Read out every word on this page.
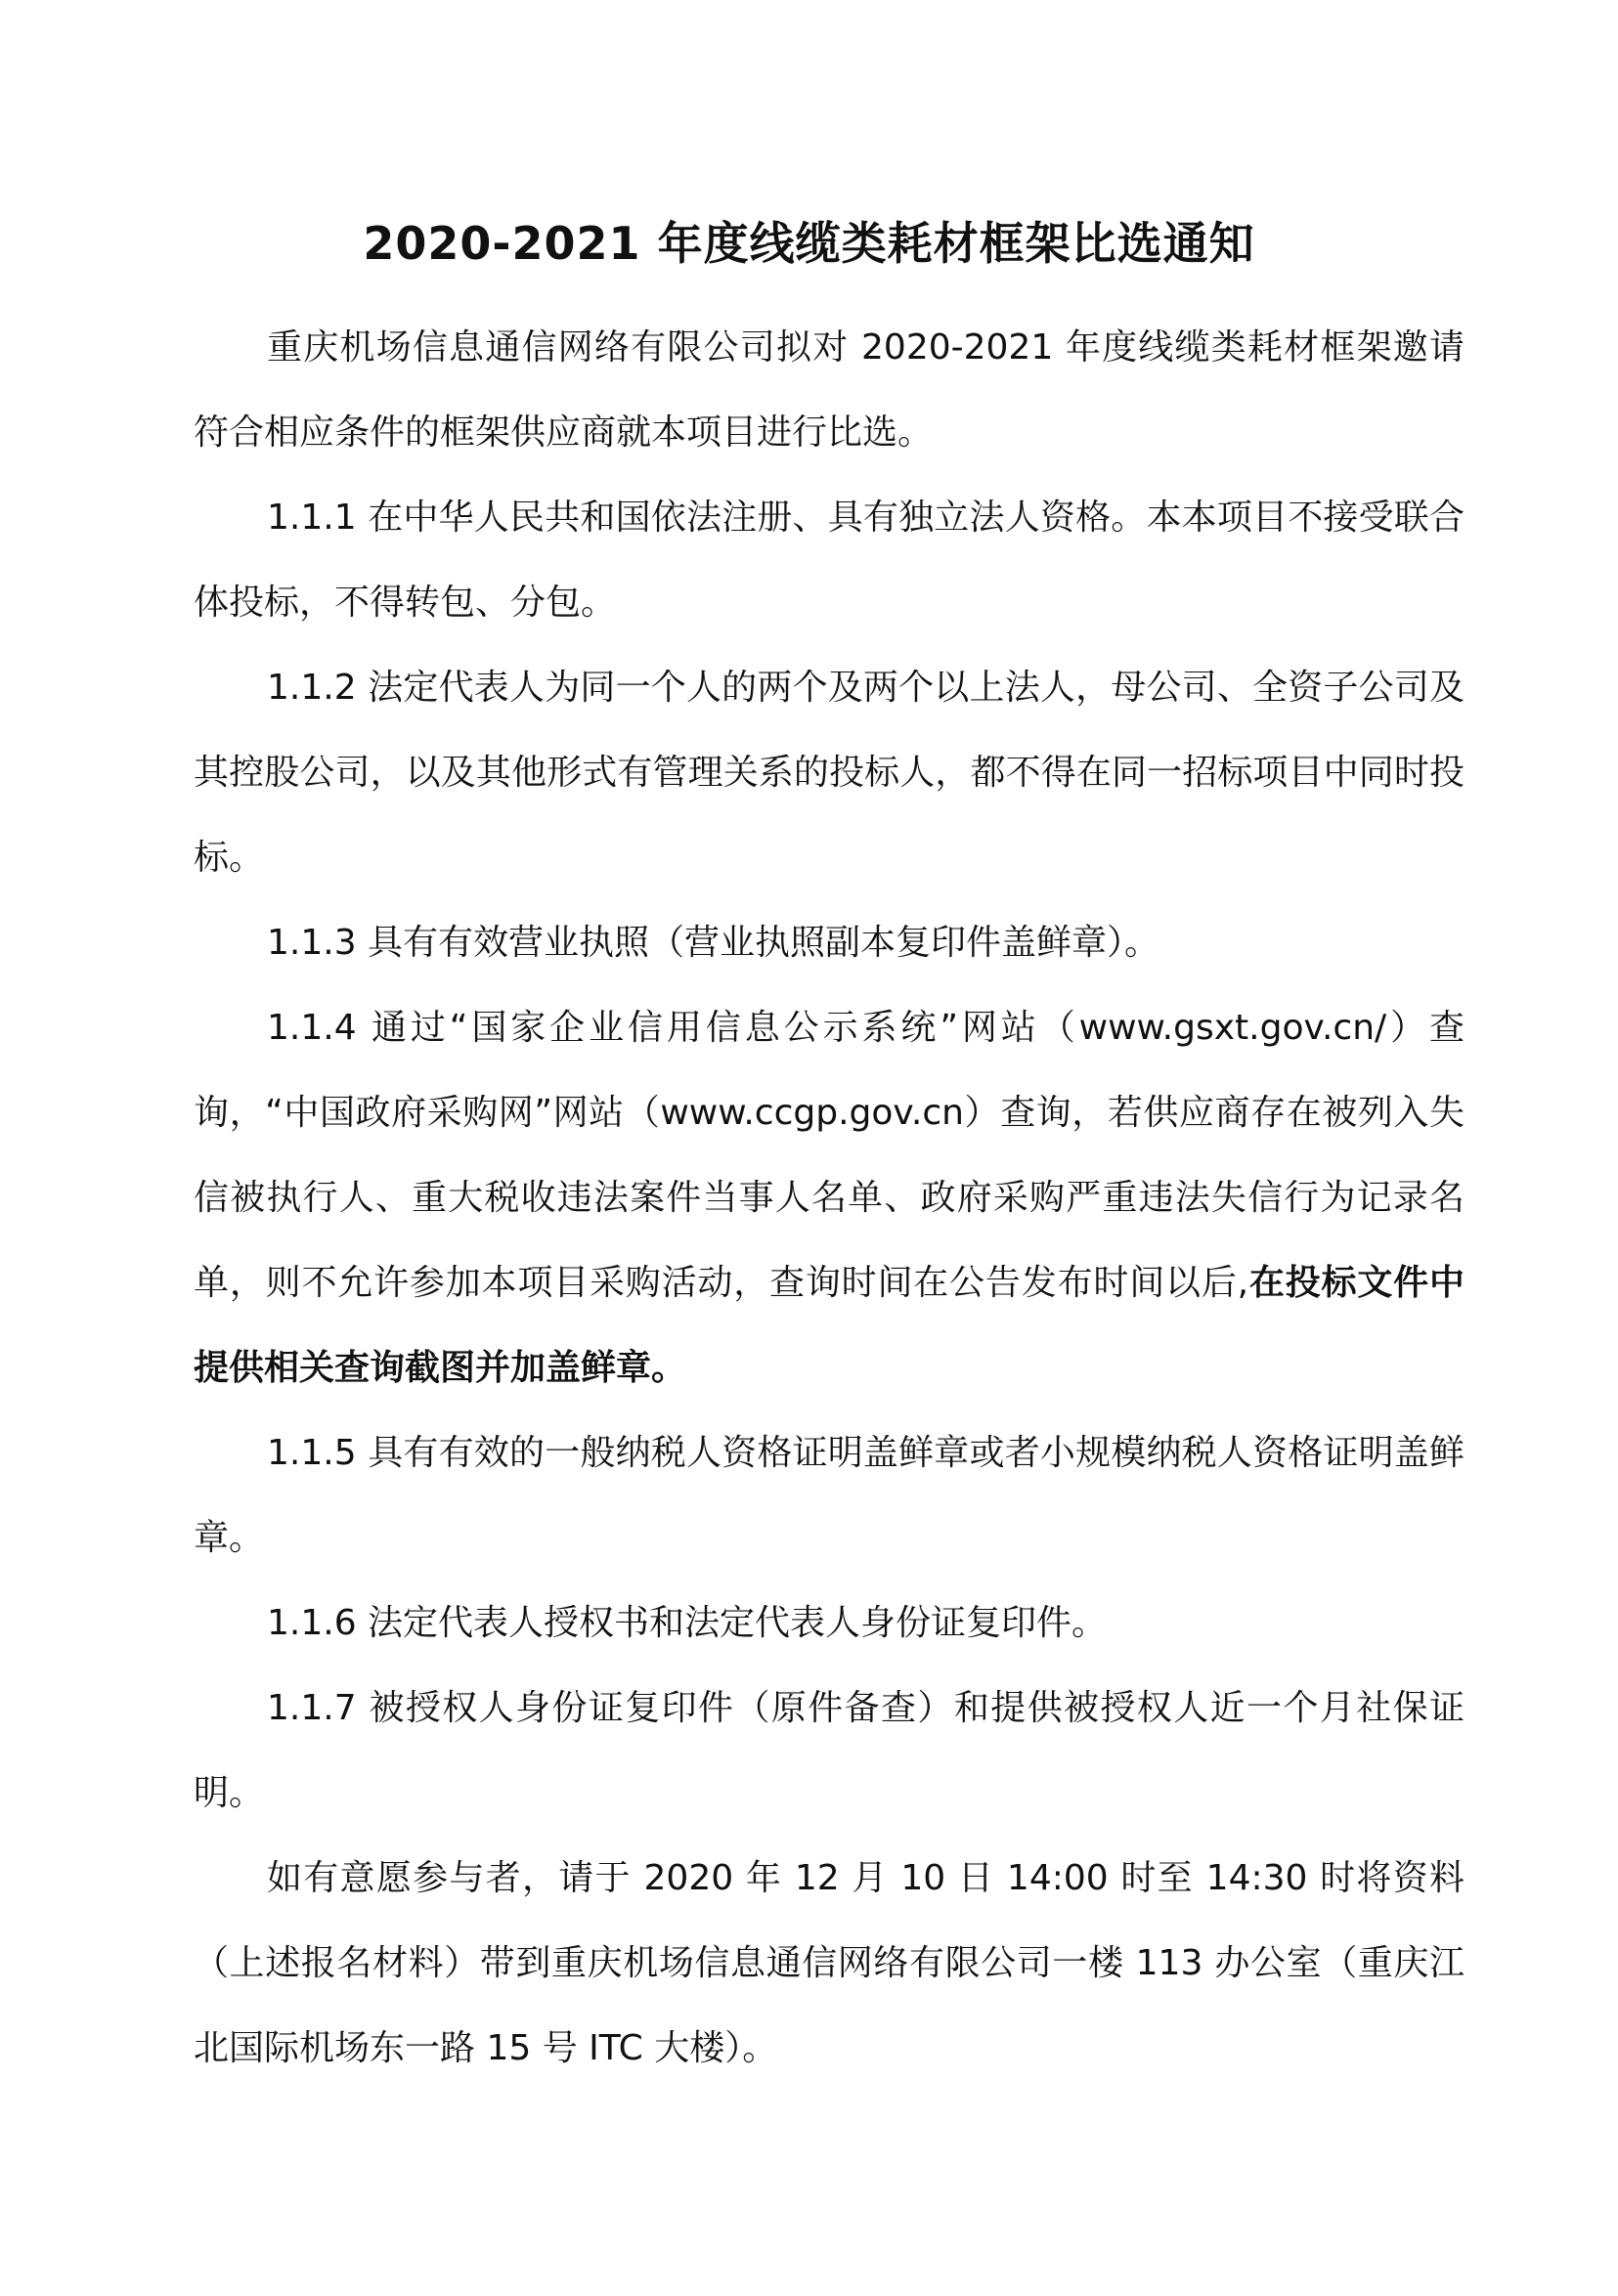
2020-2021 年度线缆类耗材框架比选通知

重庆机场信息通信网络有限公司拟对 2020-2021 年度线缆类耗材框架邀请符合相应条件的框架供应商就本项目进行比选。

1.1.1 在中华人民共和国依法注册、具有独立法人资格。本本项目不接受联合体投标，不得转包、分包。

1.1.2 法定代表人为同一个人的两个及两个以上法人，母公司、全资子公司及其控股公司，以及其他形式有管理关系的投标人，都不得在同一招标项目中同时投标。

1.1.3 具有有效营业执照（营业执照副本复印件盖鲜章）。

1.1.4 通过“国家企业信用信息公示系统”网站（www.gsxt.gov.cn/）查询，“中国政府采购网”网站（www.ccgp.gov.cn）查询，若供应商存在被列入失信被执行人、重大税收违法案件当事人名单、政府采购严重违法失信行为记录名单，则不允许参加本项目采购活动，查询时间在公告发布时间以后,在投标文件中提供相关查询截图并加盖鲜章。

1.1.5 具有有效的一般纳税人资格证明盖鲜章或者小规模纳税人资格证明盖鲜章。

1.1.6 法定代表人授权书和法定代表人身份证复印件。

1.1.7 被授权人身份证复印件（原件备查）和提供被授权人近一个月社保证明。

如有意愿参与者，请于 2020 年 12 月 10 日 14:00 时至 14:30 时将资料（上述报名材料）带到重庆机场信息通信网络有限公司一楼 113 办公室（重庆江北国际机场东一路 15 号 ITC 大楼）。
